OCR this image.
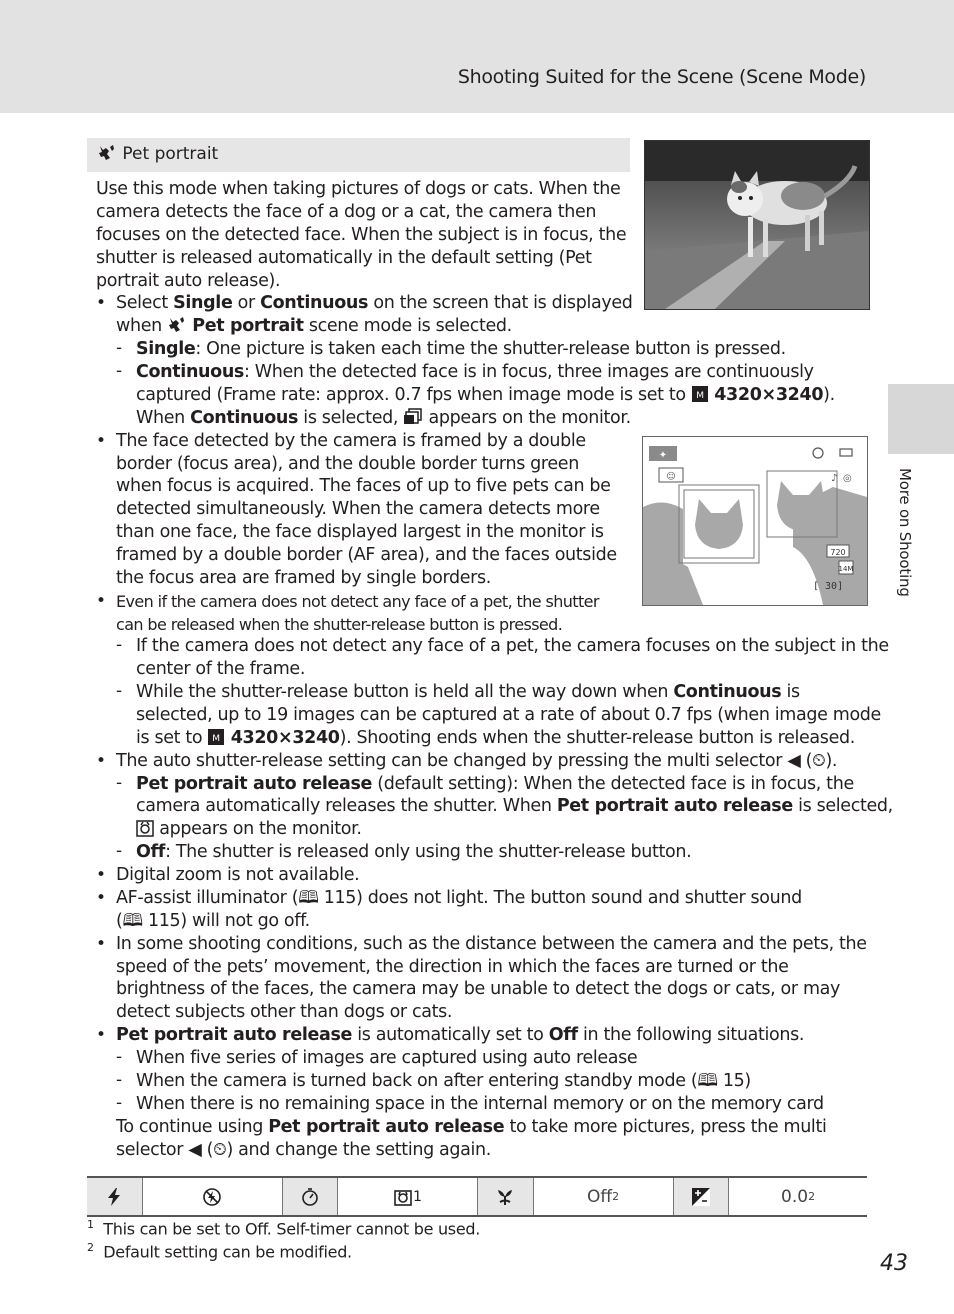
Shooting Suited for the Scene (Scene Mode)
More on Shooting
Pet portrait
Use this mode when taking pictures of dogs or cats. When the
camera detects the face of a dog or a cat, the camera then
focuses on the detected face. When the subject is in focus, the
shutter is released automatically in the default setting (Pet
portrait auto release).
• Select Single or Continuous on the screen that is displayed
when  Pet portrait scene mode is selected.
- Single: One picture is taken each time the shutter-release button is pressed.
- Continuous: When the detected face is in focus, three images are continuously
captured (Frame rate: approx. 0.7 fps when image mode is set to M 4320×3240).
When Continuous is selected,  appears on the monitor.
✦
☺	♪ ◎
720
14M
[ 30]
• The face detected by the camera is framed by a double
border (focus area), and the double border turns green
when focus is acquired. The faces of up to five pets can be
detected simultaneously. When the camera detects more
than one face, the face displayed largest in the monitor is
framed by a double border (AF area), and the faces outside
the focus area are framed by single borders.
• Even if the camera does not detect any face of a pet, the shutter
can be released when the shutter-release button is pressed.
- If the camera does not detect any face of a pet, the camera focuses on the subject in the
center of the frame.
- While the shutter-release button is held all the way down when Continuous is
selected, up to 19 images can be captured at a rate of about 0.7 fps (when image mode
is set to M 4320×3240). Shooting ends when the shutter-release button is released.
• The auto shutter-release setting can be changed by pressing the multi selector ◀ (⏲).
- Pet portrait auto release (default setting): When the detected face is in focus, the
camera automatically releases the shutter. When Pet portrait auto release is selected,
appears on the monitor.
- Off: The shutter is released only using the shutter-release button.
• Digital zoom is not available.
• AF-assist illuminator (🕮 115) does not light. The button sound and shutter sound
(🕮 115) will not go off.
• In some shooting conditions, such as the distance between the camera and the pets, the
speed of the pets’ movement, the direction in which the faces are turned or the
brightness of the faces, the camera may be unable to detect the dogs or cats, or may
detect subjects other than dogs or cats.
• Pet portrait auto release is automatically set to Off in the following situations.
- When five series of images are captured using auto release
- When the camera is turned back on after entering standby mode (🕮 15)
- When there is no remaining space in the internal memory or on the memory card
To continue using Pet portrait auto release to take more pictures, press the multi
selector ◀ (⏲) and change the setting again.
1	Off 2	0.0 2
$^1$ This can be set to Off. Self-timer cannot be used.
$^2$ Default setting can be modified.	43
